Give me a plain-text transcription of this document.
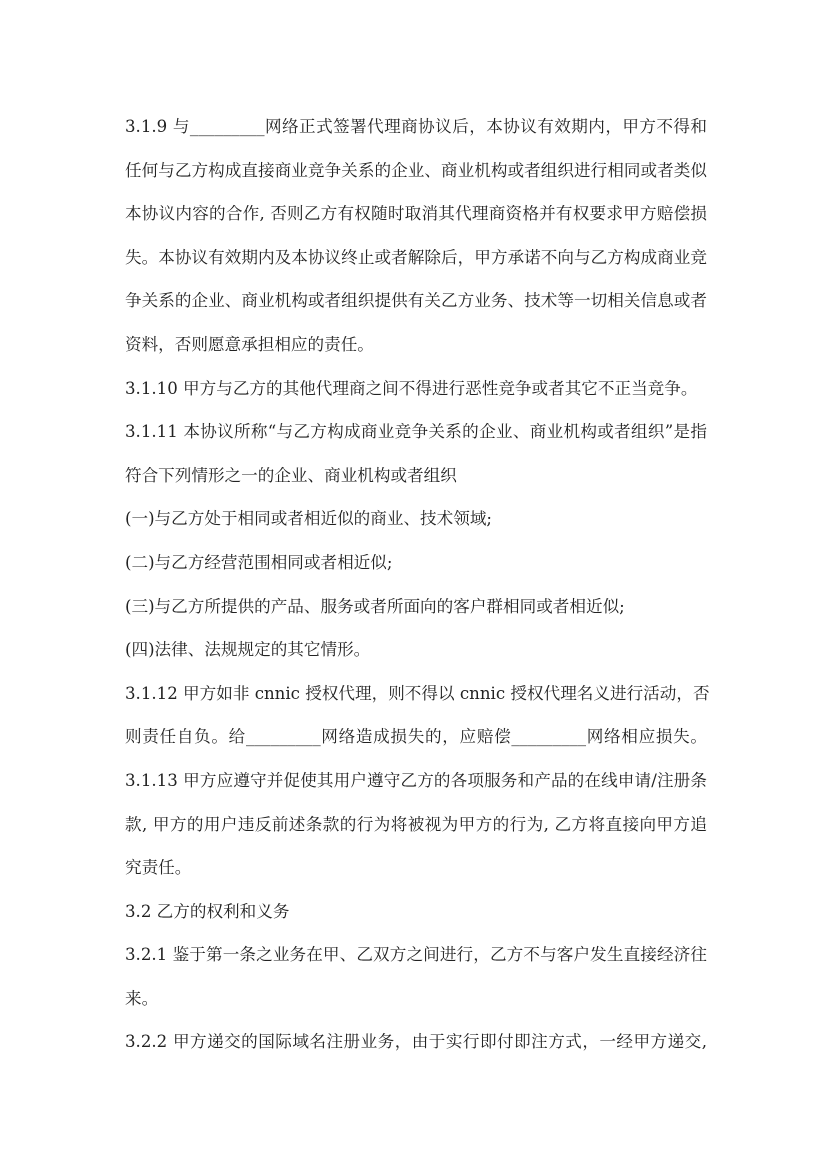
3.1.9 与_________网络正式签署代理商协议后，本协议有效期内，甲方不得和
任何与乙方构成直接商业竞争关系的企业、商业机构或者组织进行相同或者类似
本协议内容的合作, 否则乙方有权随时取消其代理商资格并有权要求甲方赔偿损
失。本协议有效期内及本协议终止或者解除后，甲方承诺不向与乙方构成商业竞
争关系的企业、商业机构或者组织提供有关乙方业务、技术等一切相关信息或者
资料，否则愿意承担相应的责任。
3.1.10 甲方与乙方的其他代理商之间不得进行恶性竞争或者其它不正当竞争。
3.1.11 本协议所称“与乙方构成商业竞争关系的企业、商业机构或者组织”是指
符合下列情形之一的企业、商业机构或者组织
(一)与乙方处于相同或者相近似的商业、技术领域;
(二)与乙方经营范围相同或者相近似;
(三)与乙方所提供的产品、服务或者所面向的客户群相同或者相近似;
(四)法律、法规规定的其它情形。
3.1.12 甲方如非 cnnic 授权代理，则不得以 cnnic 授权代理名义进行活动，否
则责任自负。给_________网络造成损失的，应赔偿_________网络相应损失。
3.1.13 甲方应遵守并促使其用户遵守乙方的各项服务和产品的在线申请/注册条
款, 甲方的用户违反前述条款的行为将被视为甲方的行为, 乙方将直接向甲方追
究责任。
3.2 乙方的权利和义务
3.2.1 鉴于第一条之业务在甲、乙双方之间进行，乙方不与客户发生直接经济往
来。
3.2.2 甲方递交的国际域名注册业务，由于实行即付即注方式，一经甲方递交,
